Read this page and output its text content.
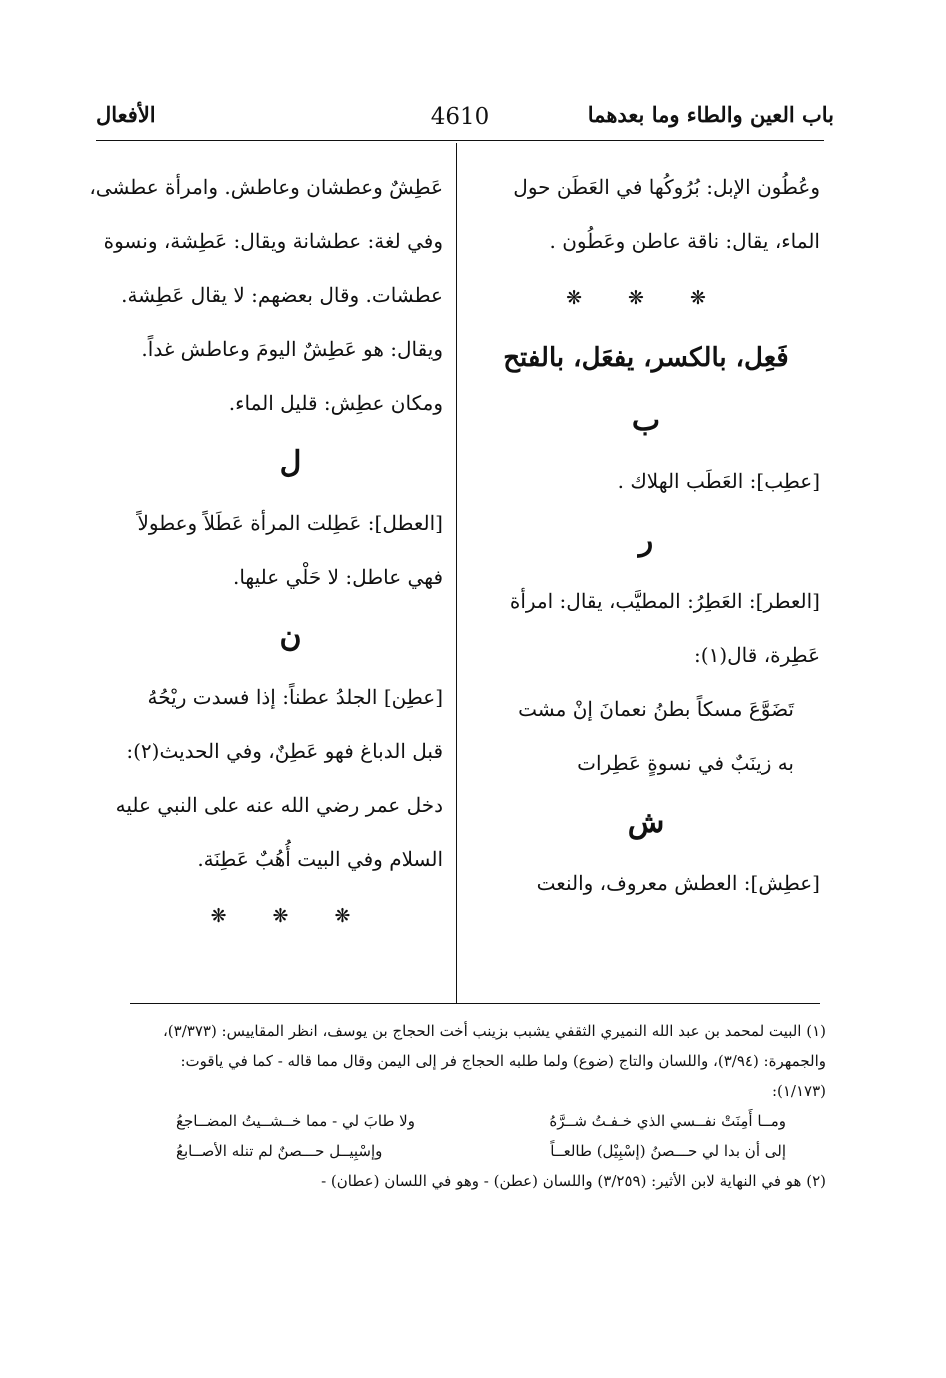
باب العين والطاء وما بعدهما
4610
الأفعال
وعُطُون الإبل: بُرُوكُها في العَطَن حول
الماء، يقال: ناقة عاطن وعَطُون .
❋ ❋ ❋
فَعِل، بالكسر، يفعَل، بالفتح
ب
[عطِب]: العَطَب الهلاك .
ر
[العطر]: العَطِرُ: المطيَّب، يقال: امرأة
عَطِرة، قال(١):
تَضَوَّعَ مسكاً بطنُ نعمانَ إنْ مشت
به زينَبٌ في نسوةٍ عَطِرات
ش
[عطِش]: العطش معروف، والنعت
عَطِشٌ وعطشان وعاطش. وامرأة عطشى،
وفي لغة: عطشانة ويقال: عَطِشة، ونسوة
عطشات. وقال بعضهم: لا يقال عَطِشة.
ويقال: هو عَطِشٌ اليومَ وعاطش غداً.
ومكان عطِش: قليل الماء.
ل
[العطل]: عَطِلت المرأة عَطَلاً وعطولاً
فهي عاطل: لا حَلْي عليها.
ن
[عطِن] الجلدُ عطناً: إذا فسدت ريْحُهُ
قبل الدباغ فهو عَطِنٌ، وفي الحديث(٢):
دخل عمر رضي الله عنه على النبي عليه
السلام وفي البيت أُهُبٌ عَطِنَة.
❋ ❋ ❋
(١) البيت لمحمد بن عبد الله النميري الثقفي يشبب بزينب أخت الحجاج بن يوسف، انظر المقاييس: (٣/٣٧٣)،
والجمهرة: (٣/٩٤)، واللسان والتاج (ضوع) ولما طلبه الحجاج فر إلى اليمن وقال مما قاله - كما في ياقوت:
(١/١٧٣):
ومــا أَمِنَتْ نفــسي الذي خـفـتُ شــرَّهُ
ولا طابَ لي - مما خــشــيتُ المضــاجعُ
إلى أن بدا لي حـــصنُ (إسْبِيْل) طالعــاً
وإسْبِيــل حـــصنٌ لم تنله الأصــابعُ
(٢) هو في النهاية لابن الأثير: (٣/٢٥٩) واللسان (عطن) - وهو في اللسان (عطان) -
